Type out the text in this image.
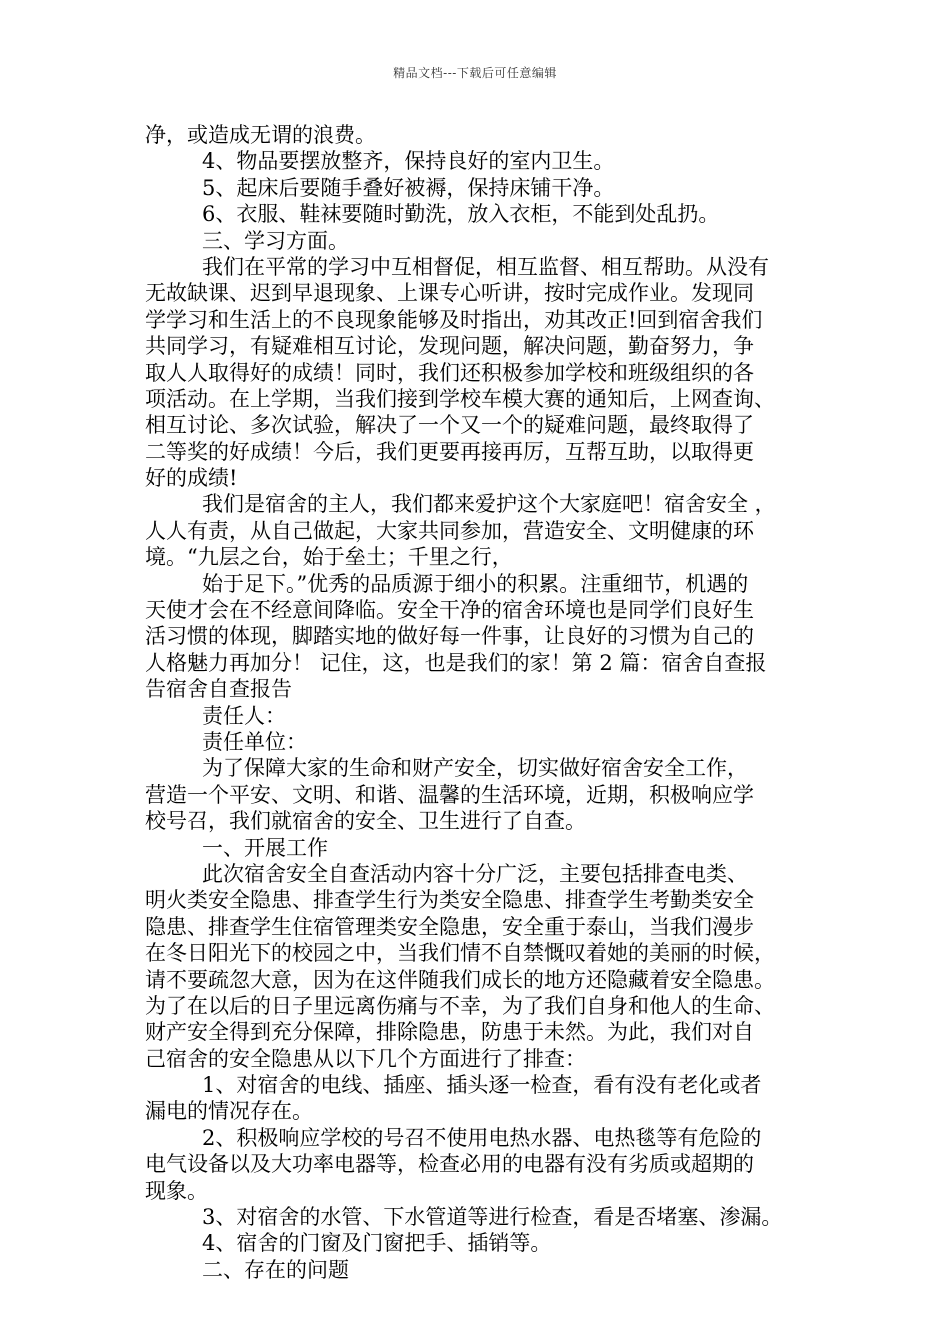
精品文档---下载后可任意编辑
净，或造成无谓的浪费。
4、物品要摆放整齐，保持良好的室内卫生。
5、起床后要随手叠好被褥，保持床铺干净。
6、衣服、鞋袜要随时勤洗，放入衣柜，不能到处乱扔。
三、学习方面。
我们在平常的学习中互相督促，相互监督、相互帮助。从没有
无故缺课、迟到早退现象、上课专心听讲，按时完成作业。发现同
学学习和生活上的不良现象能够及时指出，劝其改正!回到宿舍我们
共同学习，有疑难相互讨论，发现问题，解决问题，勤奋努力，争
取人人取得好的成绩！同时，我们还积极参加学校和班级组织的各
项活动。在上学期，当我们接到学校车模大赛的通知后，上网查询、
相互讨论、多次试验，解决了一个又一个的疑难问题，最终取得了
二等奖的好成绩！今后，我们更要再接再厉，互帮互助，以取得更
好的成绩!
我们是宿舍的主人，我们都来爱护这个大家庭吧！宿舍安全 ，
人人有责，从自己做起，大家共同参加，营造安全、文明健康的环
境。“九层之台，始于垒土；千里之行，
始于足下。”优秀的品质源于细小的积累。注重细节，机遇的
天使才会在不经意间降临。安全干净的宿舍环境也是同学们良好生
活习惯的体现，脚踏实地的做好每一件事，让良好的习惯为自己的
人格魅力再加分！ 记住，这，也是我们的家！第 2 篇：宿舍自查报
告宿舍自查报告
责任人：
责任单位：
为了保障大家的生命和财产安全，切实做好宿舍安全工作，
营造一个平安、文明、和谐、温馨的生活环境，近期，积极响应学
校号召，我们就宿舍的安全、卫生进行了自查。
一、开展工作
此次宿舍安全自查活动内容十分广泛，主要包括排查电类、
明火类安全隐患、排查学生行为类安全隐患、排查学生考勤类安全
隐患、排查学生住宿管理类安全隐患，安全重于泰山，当我们漫步
在冬日阳光下的校园之中，当我们情不自禁慨叹着她的美丽的时候，
请不要疏忽大意，因为在这伴随我们成长的地方还隐藏着安全隐患。
为了在以后的日子里远离伤痛与不幸，为了我们自身和他人的生命、
财产安全得到充分保障，排除隐患，防患于未然。为此，我们对自
己宿舍的安全隐患从以下几个方面进行了排查：
1、对宿舍的电线、插座、插头逐一检查，看有没有老化或者
漏电的情况存在。
2、积极响应学校的号召不使用电热水器、电热毯等有危险的
电气设备以及大功率电器等，检查必用的电器有没有劣质或超期的
现象。
3、对宿舍的水管、下水管道等进行检查，看是否堵塞、渗漏。
4、宿舍的门窗及门窗把手、插销等。
二、存在的问题
